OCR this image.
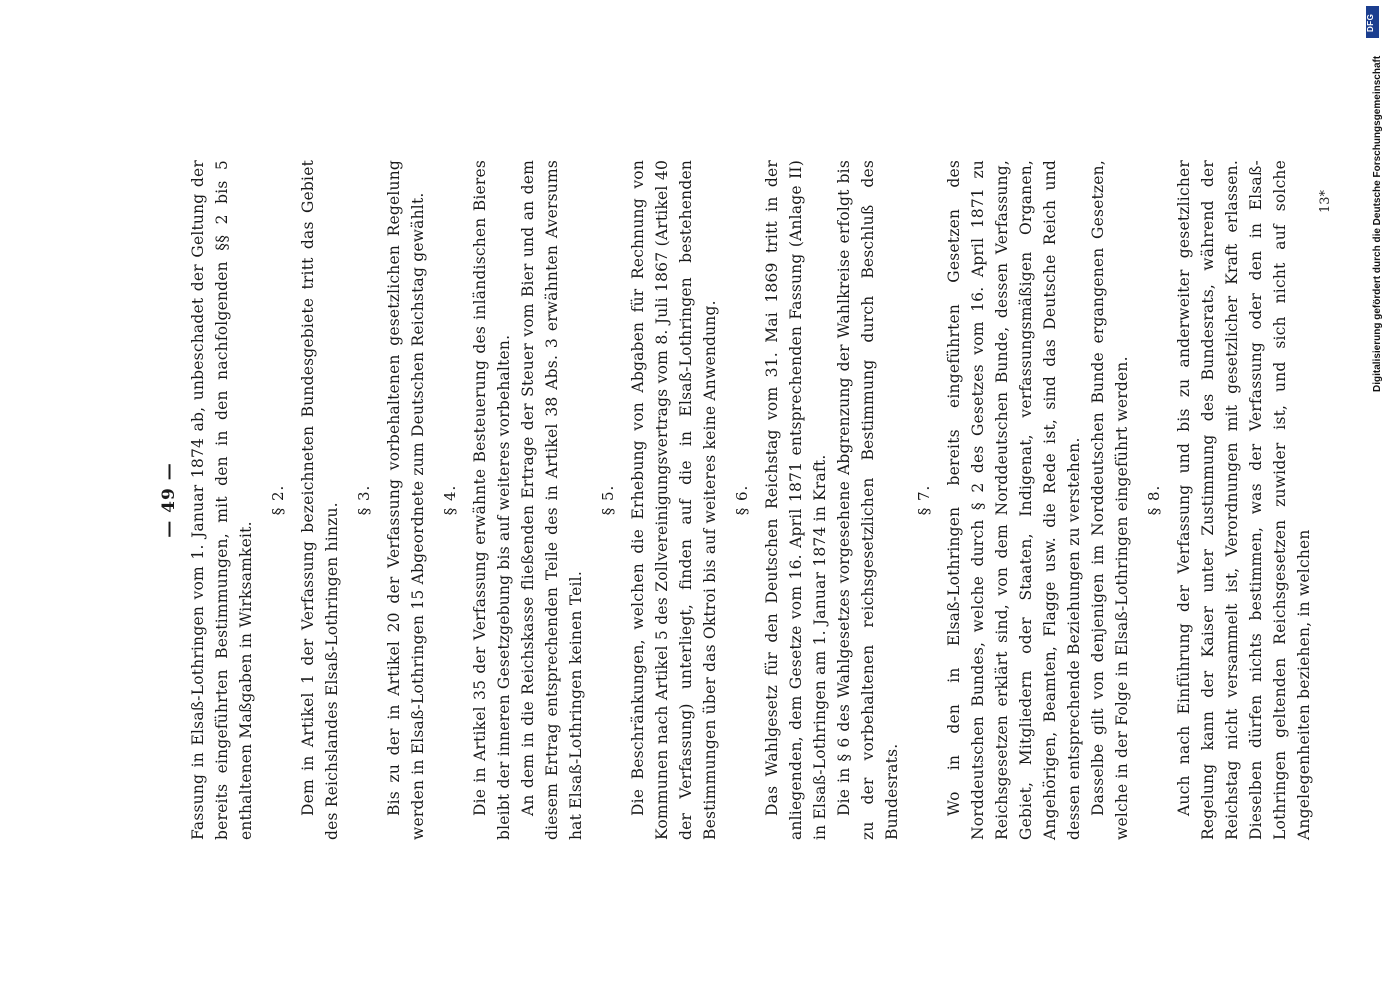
— 49 — Fassung in Elsaß-Lothringen vom 1. Januar 1874 ab, unbeschadet der Geltung der bereits eingeführten Bestimmungen, mit den in den nachfolgenden §§ 2 bis 5 enthaltenen Maßgaben in Wirksamkeit.

§ 2. Dem in Artikel 1 der Verfassung bezeichneten Bundesgebiete tritt das Gebiet des Reichslandes Elsaß-Lothringen hinzu.

§ 3. Bis zu der in Artikel 20 der Verfassung vorbehaltenen gesetzlichen Regelung werden in Elsaß-Lothringen 15 Abgeordnete zum Deutschen Reichstag gewählt. § 4. Die in Artikel 35 der Verfassung erwähnte Besteuerung des inländischen Bieres bleibt der inneren Gesetzgebung bis auf weiteres vorbehalten. An dem in die Reichskasse fließenden Ertrage der Steuer vom Bier und an dem diesem Ertrag entsprechenden Teile des in Artikel 38 Abs. 3 erwähnten Aversums hat Elsaß-Lothringen keinen Teil.

§ 5. Die Beschränkungen, welchen die Erhebung von Abgaben für Rechnung von Kommunen nach Artikel 5 des Zollvereinigungsvertrags vom 8. Juli 1867 (Artikel 40 der Verfassung) unterliegt, finden auf die in Elsaß-Lothringen bestehenden Bestimmungen über das Oktroi bis auf weiteres keine Anwendung. § 6. Das Wahlgesetz für den Deutschen Reichstag vom 31. Mai 1869 tritt in der anliegenden, dem Gesetze vom 16. April 1871 entsprechenden Fassung (Anlage II) in Elsaß-Lothringen am 1. Januar 1874 in Kraft. Die in § 6 des Wahlgesetzes vorgesehene Abgrenzung der Wahlkreise erfolgt bis zu der vorbehaltenen reichsgesetzlichen Bestimmung durch Beschluß des Bundesrats.

§ 7. Wo in den in Elsaß-Lothringen bereits eingeführten Gesetzen des Norddeutschen Bundes, welche durch § 2 des Gesetzes vom 16. April 1871 zu Reichsgesetzen erklärt sind, von dem Norddeutschen Bunde, dessen Verfassung, Gebiet, Mitgliedern oder Staaten, Indigenat, verfassungsmäßigen Organen, Angehörigen, Beamten, Flagge usw. die Rede ist, sind das Deutsche Reich und dessen entsprechende Beziehungen zu verstehen. Dasselbe gilt von denjenigen im Norddeutschen Bunde ergangenen Gesetzen, welche in der Folge in Elsaß-Lothringen eingeführt werden. § 8. Auch nach Einführung der Verfassung und bis zu anderweiter gesetzlicher Regelung kann der Kaiser unter Zustimmung des Bundesrats, während der Reichstag nicht versammelt ist, Verordnungen mit gesetzlicher Kraft erlassen. Dieselben dürfen nichts bestimmen, was der Verfassung oder den in Elsaß-Lothringen geltenden Reichsgesetzen zuwider ist, und sich nicht auf solche Angelegenheiten beziehen, in welchen

13*
DFG
Digitalisierung gefördert durch die Deutsche Forschungsgemeinschaft
